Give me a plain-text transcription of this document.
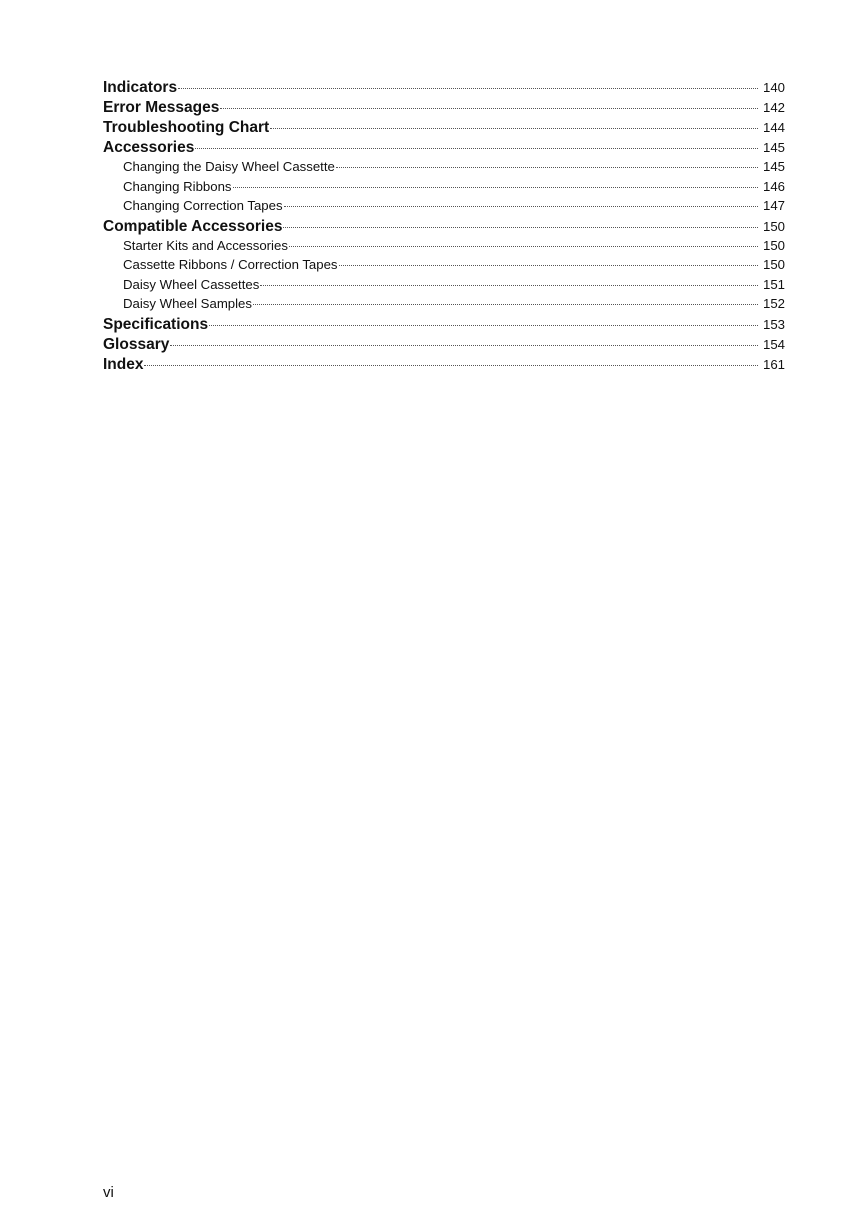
Indicators	140
Error Messages	142
Troubleshooting Chart	144
Accessories	145
Changing the Daisy Wheel Cassette	145
Changing Ribbons	146
Changing Correction Tapes	147
Compatible Accessories	150
Starter Kits and Accessories	150
Cassette Ribbons / Correction Tapes	150
Daisy Wheel Cassettes	151
Daisy Wheel Samples	152
Specifications	153
Glossary	154
Index	161
vi
